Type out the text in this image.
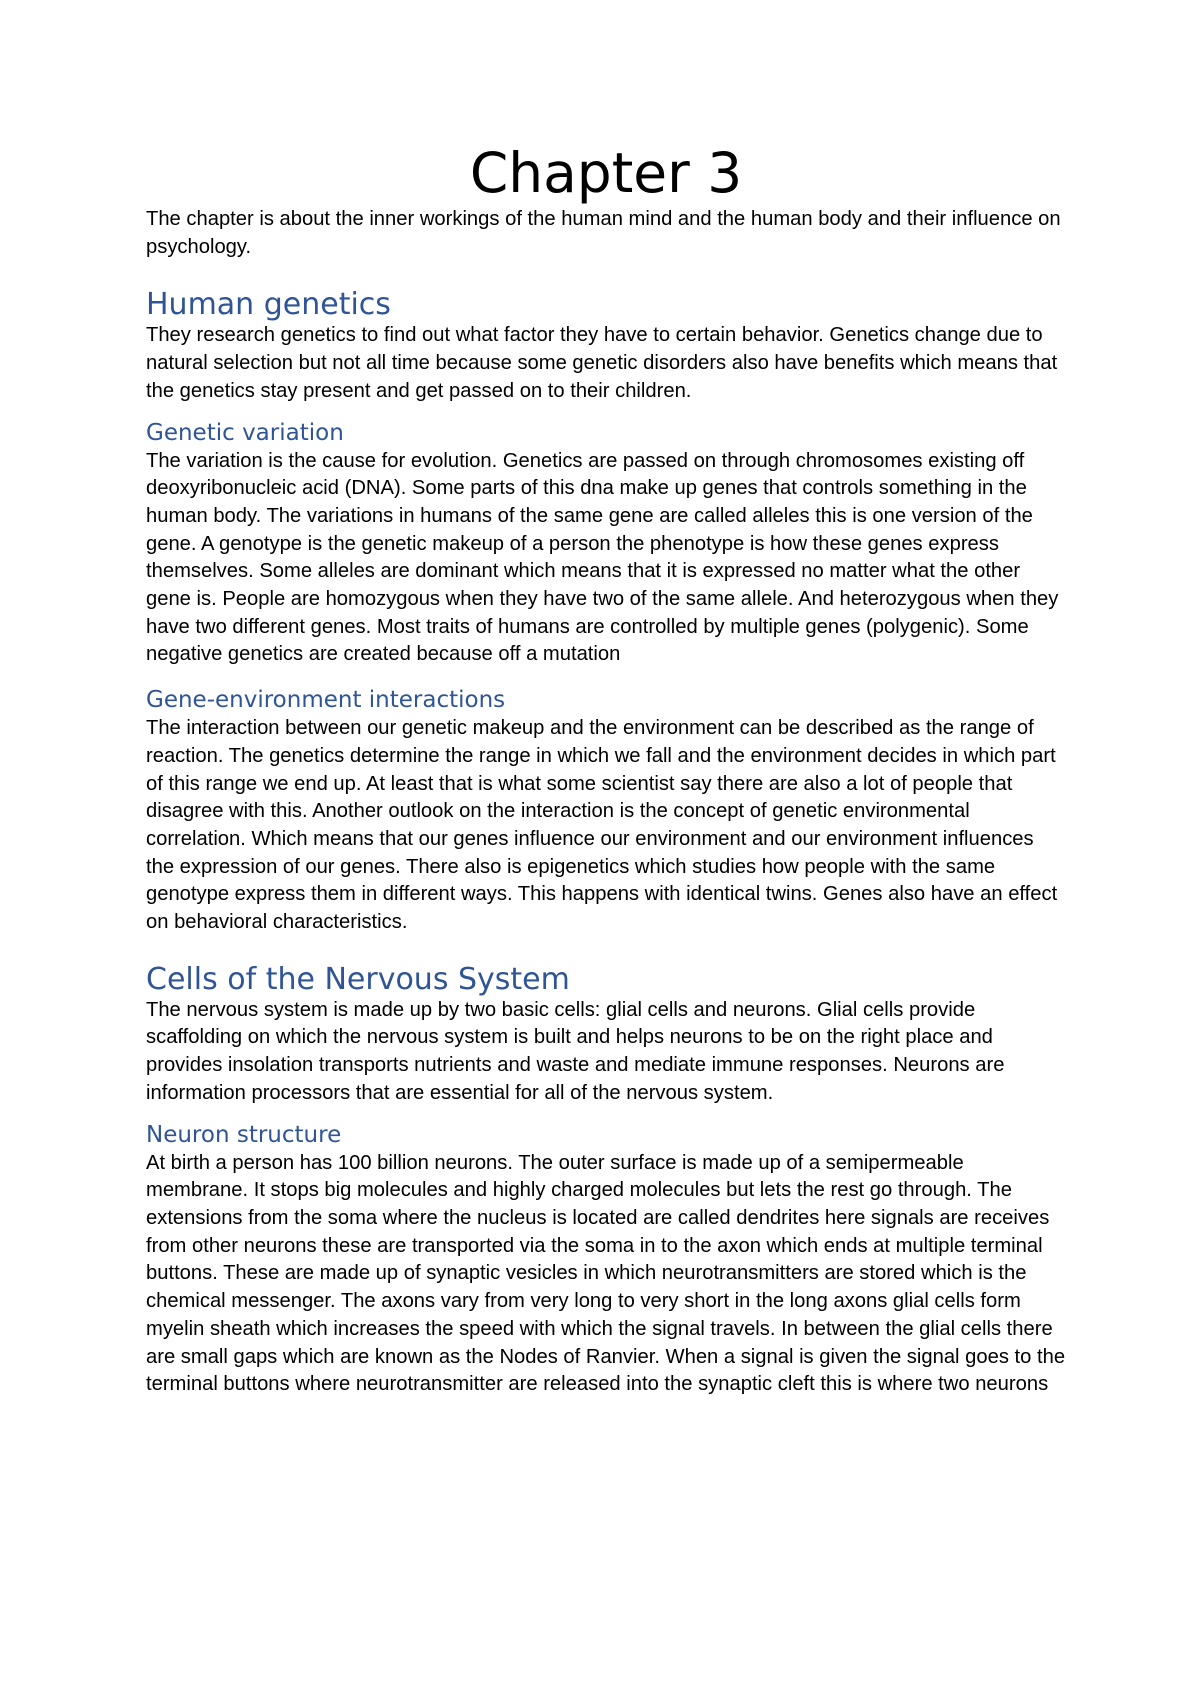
Chapter 3

The chapter is about the inner workings of the human mind and the human body and their influence on psychology.

Human genetics

They research genetics to find out what factor they have to certain behavior. Genetics change due to natural selection but not all time because some genetic disorders also have benefits which means that the genetics stay present and get passed on to their children.

Genetic variation

The variation is the cause for evolution. Genetics are passed on through chromosomes existing off deoxyribonucleic acid (DNA). Some parts of this dna make up genes that controls something in the human body. The variations in humans of the same gene are called alleles this is one version of the gene. A genotype is the genetic makeup of a person the phenotype is how these genes express themselves. Some alleles are dominant which means that it is expressed no matter what the other gene is. People are homozygous when they have two of the same allele. And heterozygous when they have two different genes. Most traits of humans are controlled by multiple genes (polygenic). Some negative genetics are created because off a mutation

Gene-environment interactions

The interaction between our genetic makeup and the environment can be described as the range of reaction. The genetics determine the range in which we fall and the environment decides in which part of this range we end up. At least that is what some scientist say there are also a lot of people that disagree with this. Another outlook on the interaction is the concept of genetic environmental correlation. Which means that our genes influence our environment and our environment influences the expression of our genes. There also is epigenetics which studies how people with the same genotype express them in different ways. This happens with identical twins. Genes also have an effect on behavioral characteristics.

Cells of the Nervous System

The nervous system is made up by two basic cells: glial cells and neurons. Glial cells provide scaffolding on which the nervous system is built and helps neurons to be on the right place and provides insolation transports nutrients and waste and mediate immune responses. Neurons are information processors that are essential for all of the nervous system.

Neuron structure

At birth a person has 100 billion neurons. The outer surface is made up of a semipermeable membrane. It stops big molecules and highly charged molecules but lets the rest go through. The extensions from the soma where the nucleus is located are called dendrites here signals are receives from other neurons these are transported via the soma in to the axon which ends at multiple terminal buttons. These are made up of synaptic vesicles in which neurotransmitters are stored which is the chemical messenger. The axons vary from very long to very short in the long axons glial cells form myelin sheath which increases the speed with which the signal travels. In between the glial cells there are small gaps which are known as the Nodes of Ranvier. When a signal is given the signal goes to the terminal buttons where neurotransmitter are released into the synaptic cleft this is where two neurons
